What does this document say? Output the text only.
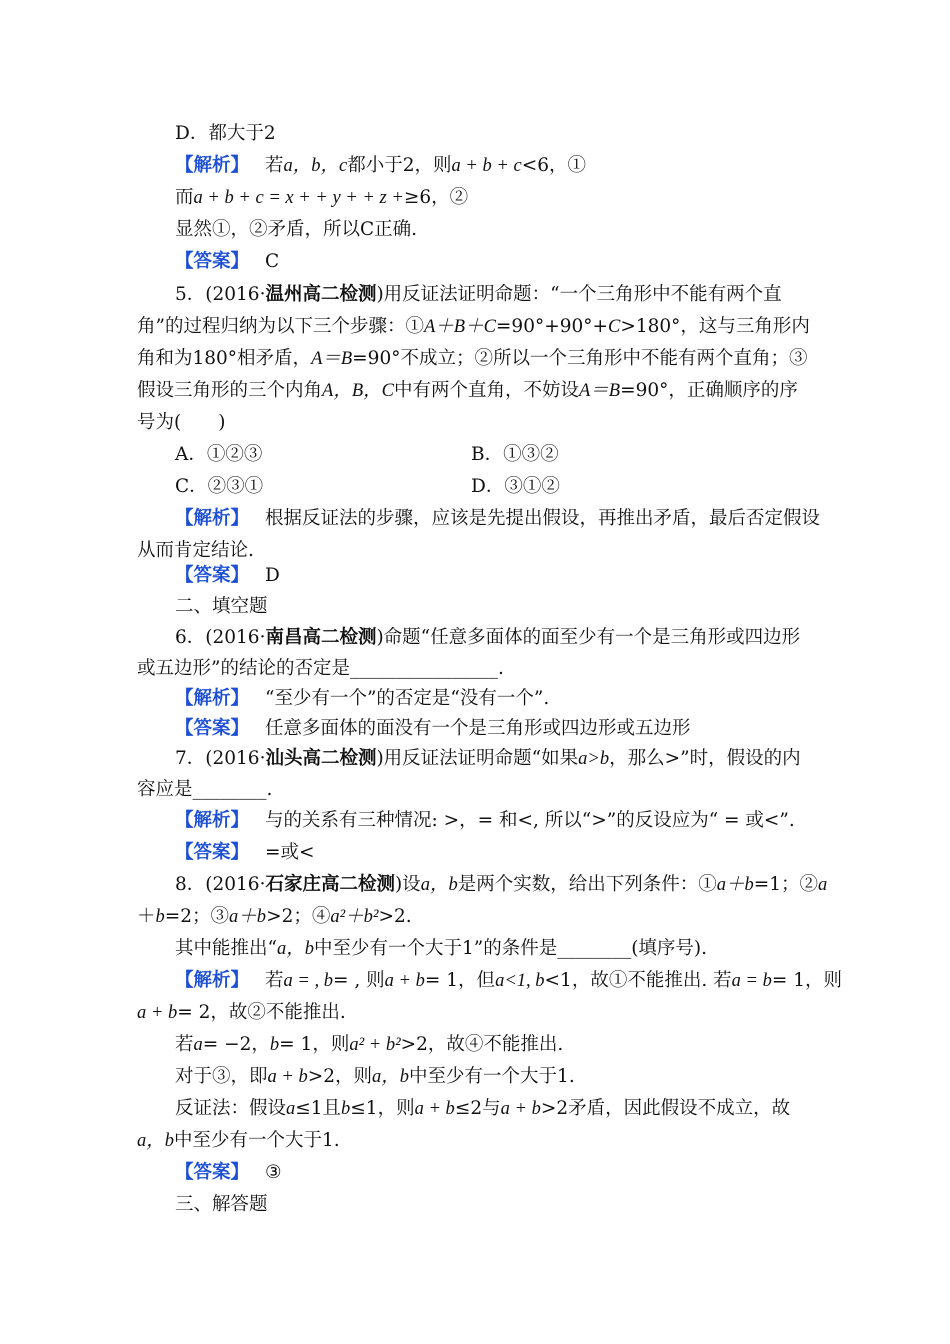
D．都大于2
【解析】 若a，b，c都小于2，则a + b + c<6，①
而a + b + c = x + + y + + z +≥6，②
显然①，②矛盾，所以C正确.
【答案】 C
5．(2016·温州高二检测)用反证法证明命题：“一个三角形中不能有两个直
角”的过程归纳为以下三个步骤：①A＋B＋C=90°+90°+C>180°，这与三角形内
角和为180°相矛盾，A＝B=90°不成立；②所以一个三角形中不能有两个直角；③
假设三角形的三个内角A，B，C中有两个直角，不妨设A＝B=90°，正确顺序的序
号为(　　)
A．①②③	B．①③②
C．②③①	D．③①②
【解析】 根据反证法的步骤，应该是先提出假设，再推出矛盾，最后否定假设
从而肯定结论.
【答案】 D
二、填空题
6．(2016·南昌高二检测)命题“任意多面体的面至少有一个是三角形或四边形
或五边形”的结论的否定是________________.
【解析】 “至少有一个”的否定是“没有一个”.
【答案】 任意多面体的面没有一个是三角形或四边形或五边形
7．(2016·汕头高二检测)用反证法证明命题“如果a>b，那么>”时，假设的内
容应是________.
【解析】 与的关系有三种情况: >，= 和<, 所以“>”的反设应为“ = 或<”.
【答案】 =或<
8．(2016·石家庄高二检测)设a，b是两个实数，给出下列条件：①a＋b=1；②a
＋b=2；③a＋b>2；④a²＋b²>2.
其中能推出“a，b中至少有一个大于1”的条件是________(填序号).
【解析】 若a = , b= , 则a + b= 1，但a<1, b<1，故①不能推出. 若a = b= 1，则
a + b= 2，故②不能推出.
若a= −2，b= 1，则a² + b²>2，故④不能推出.
对于③，即a + b>2，则a，b中至少有一个大于1.
反证法：假设a≤1且b≤1，则a + b≤2与a + b>2矛盾，因此假设不成立，故
a，b中至少有一个大于1.
【答案】 ③
三、解答题
